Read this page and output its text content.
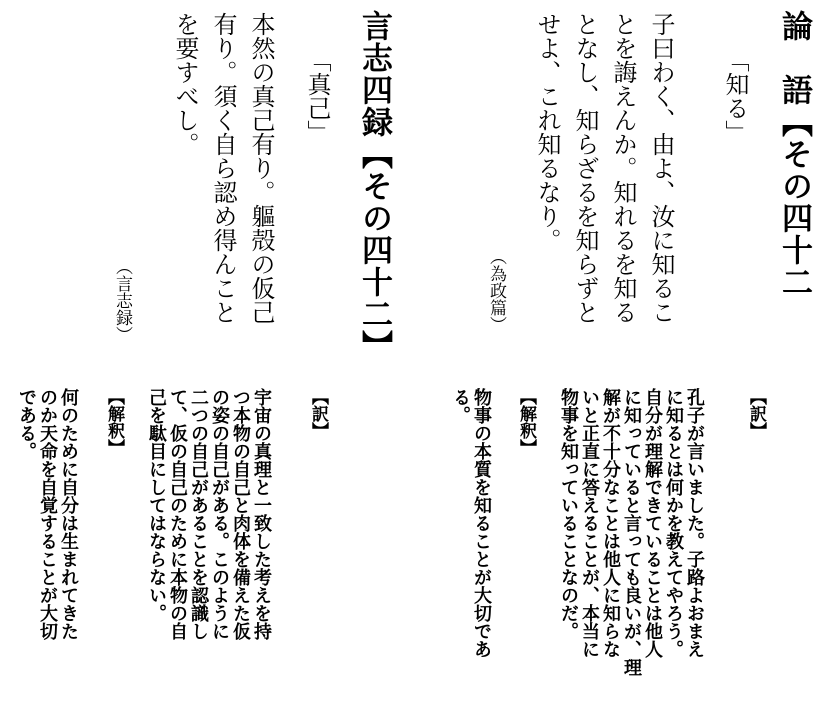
論　語【その四十二
「知る」
子曰わく、由よ、汝に知るこ
とを誨えんか。知れるを知る
となし、知らざるを知らずと
せよ、これ知るなり。
（為政篇）
【訳】
孔子が言いました。子路よおまえ
に知るとは何かを教えてやろう。
自分が理解できていることは他人
に知っていると言っても良いが、理
解が不十分なことは他人に知らな
いと正直に答えることが、本当に
物事を知っていることなのだ。
【解釈】
物事の本質を知ることが大切であ
る。
言志四録【その四十二】
「真己」
本然の真己有り。軀殻の仮己
有り。須く自ら認め得んこと
を要すべし。
（言志録）
【訳】
宇宙の真理と一致した考えを持
つ本物の自己と肉体を備えた仮
の姿の自己がある。このように
二つの自己があることを認識し
て、仮の自己のために本物の自
己を駄目にしてはならない。
【解釈】
何のために自分は生まれてきた
のか天命を自覚することが大切
である。
